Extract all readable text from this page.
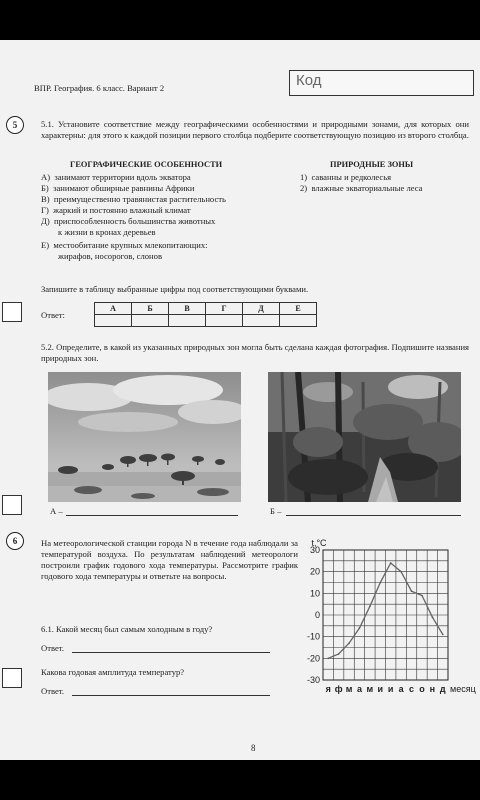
ВПР. География. 6 класс. Вариант 2	Код
5	5.1. Установите соответствие между географическими особенностями и природными зонами, для которых они характерны: для этого к каждой позиции первого столбца подберите соответствующую позицию из второго столбца.
ГЕОГРАФИЧЕСКИЕ ОСОБЕННОСТИ	ПРИРОДНЫЕ ЗОНЫ
А)  занимают территории вдоль экватора
Б)  занимают обширные равнины Африки
В)  преимущественно травянистая растительность
Г)  жаркий и постоянно влажный климат
Д)  приспособленность большинства животных
к жизни в кронах деревьев
Е)  местообитание крупных млекопитающих:
жирафов, носорогов, слонов
1)  саванны и редколесья
2)  влажные экваториальные леса
Запишите в таблицу выбранные цифры под соответствующими буквами.
Ответ:
А	Б	В	Г	Д	Е

5.2. Определите, в какой из указанных природных зон могла быть сделана каждая фотография. Подпишите названия природных зон.
А –	Б –
6	На метеорологической станции города N в течение года наблюдали за температурой воздуха. По результатам наблюдений метеорологи построили график годового хода температуры. Рассмотрите график годового хода температуры и ответьте на вопросы.
6.1. Какой месяц был самым холодным в году?
Ответ.
Какова годовая амплитуда температур?
Ответ.
30
20
10
0
-10
-20
-30
t,°C
я ф м а м и и а с о н д месяц
8
